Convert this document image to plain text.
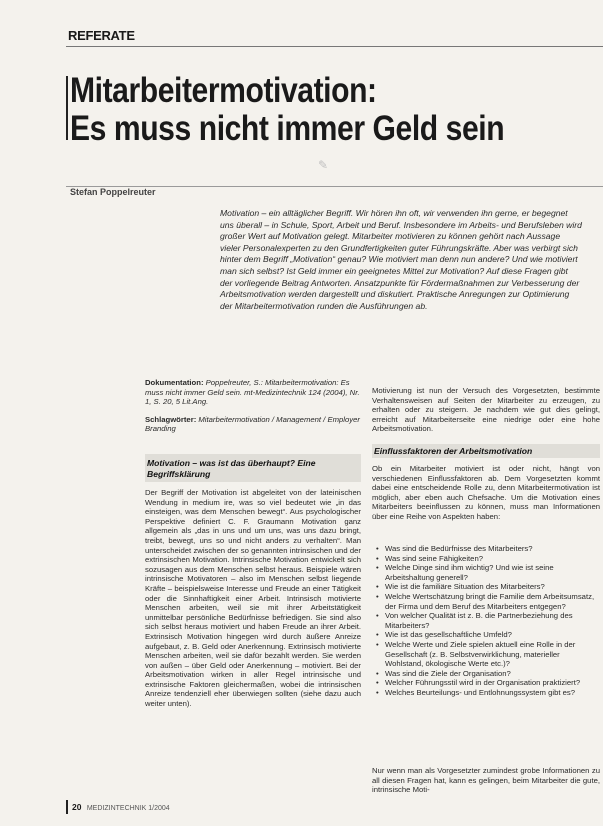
REFERATE
Mitarbeitermotivation:
Es muss nicht immer Geld sein
✎
Stefan Poppelreuter
Motivation – ein alltäglicher Begriff. Wir hören ihn oft, wir verwenden ihn gerne, er begegnet uns überall – in Schule, Sport, Arbeit und Beruf. Insbesondere im Arbeits- und Berufsleben wird großer Wert auf Motivation gelegt. Mitarbeiter motivieren zu können gehört nach Aussage vieler Personalexperten zu den Grundfertigkeiten guter Führungskräfte. Aber was verbirgt sich hinter dem Begriff „Motivation“ genau? Wie motiviert man denn nun andere? Und wie motiviert man sich selbst? Ist Geld immer ein geeignetes Mittel zur Motivation? Auf diese Fragen gibt der vorliegende Beitrag Antworten. Ansatzpunkte für Fördermaßnahmen zur Verbesserung der Arbeitsmotivation werden dargestellt und diskutiert. Praktische Anregungen zur Optimierung der Mitarbeitermotivation runden die Ausführungen ab.

Dokumentation: Poppelreuter, S.: Mitarbeitermotivation: Es muss nicht immer Geld sein. mt-Medizintechnik 124 (2004), Nr. 1, S. 20, 5 Lit.Ang.

Schlagwörter: Mitarbeitermotivation / Management / Employer Branding

Motivation – was ist das überhaupt? Eine Begriffsklärung
Der Begriff der Motivation ist abgeleitet von der lateinischen Wendung in medium ire, was so viel bedeutet wie „in das einsteigen, was dem Menschen bewegt“. Aus psychologischer Perspektive definiert C. F. Graumann Motivation ganz allgemein als „das in uns und um uns, was uns dazu bringt, treibt, bewegt, uns so und nicht anders zu verhalten“. Man unterscheidet zwischen der so genannten intrinsischen und der extrinsischen Motivation. Intrinsische Motivation entwickelt sich sozusagen aus dem Menschen selbst heraus. Beispiele wären intrinsische Motivatoren – also im Menschen selbst liegende Kräfte – beispielsweise Interesse und Freude an einer Tätigkeit oder die Sinnhaftigkeit einer Arbeit. Intrinsisch motivierte Menschen arbeiten, weil sie mit ihrer Arbeitstätigkeit unmittelbar persönliche Bedürfnisse befriedigen. Sie sind also sich selbst heraus motiviert und haben Freude an ihrer Arbeit. Extrinsisch Motivation hingegen wird durch äußere Anreize aufgebaut, z. B. Geld oder Anerkennung. Extrinsisch motivierte Menschen arbeiten, weil sie dafür bezahlt werden. Sie werden von außen – über Geld oder Anerkennung – motiviert. Bei der Arbeitsmotivation wirken in aller Regel intrinsische und extrinsische Faktoren gleichermaßen, wobei die intrinsischen Anreize tendenziell eher überwiegen sollten (siehe dazu auch weiter unten).
Motivierung ist nun der Versuch des Vorgesetzten, bestimmte Verhaltensweisen auf Seiten der Mitarbeiter zu erzeugen, zu erhalten oder zu steigern. Je nachdem wie gut dies gelingt, erreicht auf Mitarbeiterseite eine niedrige oder eine hohe Arbeitsmotivation.
Einflussfaktoren der Arbeitsmotivation
Ob ein Mitarbeiter motiviert ist oder nicht, hängt von verschiedenen Einflussfaktoren ab. Dem Vorgesetzten kommt dabei eine entscheidende Rolle zu, denn Mitarbeitermotivation ist möglich, aber eben auch Chefsache. Um die Motivation eines Mitarbeiters beeinflussen zu können, muss man Informationen über eine Reihe von Aspekten haben:
• Was sind die Bedürfnisse des Mitarbeiters?
• Was sind seine Fähigkeiten?
• Welche Dinge sind ihm wichtig? Und wie ist seine Arbeitshaltung generell?
• Wie ist die familiäre Situation des Mitarbeiters?
• Welche Wertschätzung bringt die Familie dem Arbeitsumsatz, der Firma und dem Beruf des Mitarbeiters entgegen?
• Von welcher Qualität ist z. B. die Partnerbeziehung des Mitarbeiters?
• Wie ist das gesellschaftliche Umfeld?
• Welche Werte und Ziele spielen aktuell eine Rolle in der Gesellschaft (z. B. Selbstverwirklichung, materieller Wohlstand, ökologische Werte etc.)?
• Was sind die Ziele der Organisation?
• Welcher Führungsstil wird in der Organisation praktiziert?
• Welches Beurteilungs- und Entlohnungssystem gibt es?
Nur wenn man als Vorgesetzter zumindest grobe Informationen zu all diesen Fragen hat, kann es gelingen, beim Mitarbeiter die gute, intrinsische Moti-
20 MEDIZINTECHNIK 1/2004
